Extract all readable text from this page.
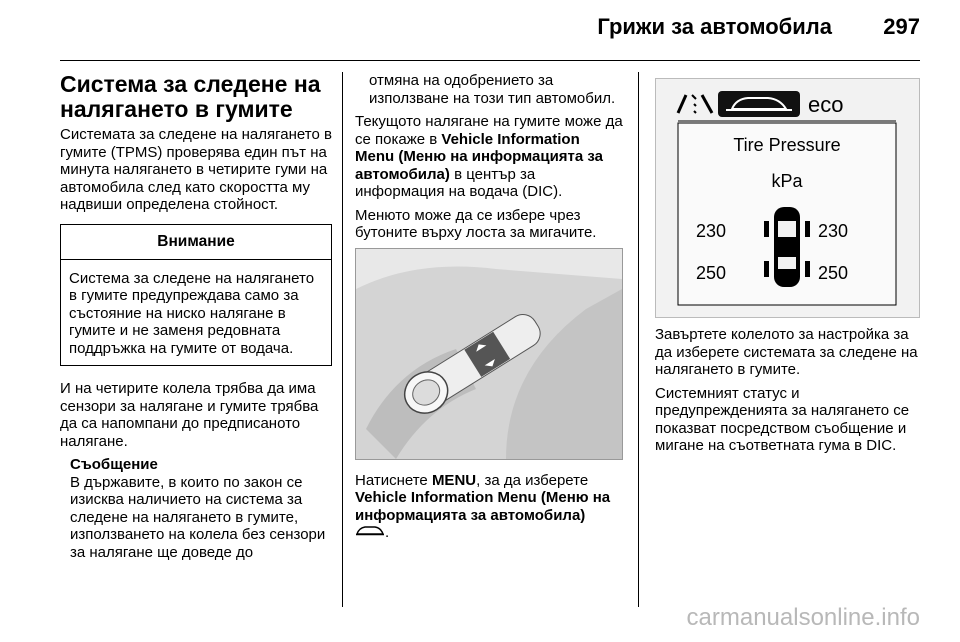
Грижи за автомобила 297
Система за следене на налягането в гумите

Системата за следене на налягането в гумите (TPMS) проверява един път на минута налягането в четирите гуми на автомобила след като скоростта му надвиши определена стойност.

Внимание
Система за следене на налягането в гумите предупреждава само за състояние на ниско налягане в гумите и не заменя редовната поддръжка на гумите от водача.

И на четирите колела трябва да има сензори за налягане и гумите трябва да са напомпани до предписаното налягане.

Съобщение
В държавите, в които по закон се изисква наличието на система за следене на налягането в гумите, използването на колела без сензори за налягане ще доведе до

отмяна на одобрението за използване на този тип автомобил.

Текущото налягане на гумите може да се покаже в Vehicle Information Menu (Меню на информацията за автомобила) в център за информация на водача (DIC).

Менюто може да се избере чрез бутоните върху лоста за мигачите.

Натиснете MENU, за да изберете Vehicle Information Menu (Меню на информацията за автомобила)
.

eco
Tire Pressure
kPa
230	230
250	250

Завъртете колелото за настройка за да изберете системата за следене на налягането в гумите.

Системният статус и предупрежденията за налягането се показват посредством съобщение и мигане на съответната гума в DIC.

carmanualsonline.info
